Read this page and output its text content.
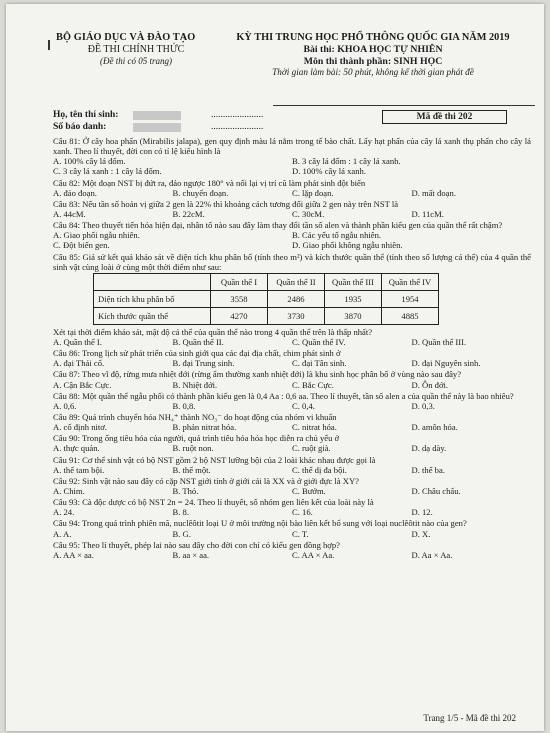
BỘ GIÁO DỤC VÀ ĐÀO TẠO
ĐỀ THI CHÍNH THỨC
(Đề thi có 05 trang)
KỲ THI TRUNG HỌC PHỔ THÔNG QUỐC GIA NĂM 2019
Bài thi: KHOA HỌC TỰ NHIÊN
Môn thi thành phần: SINH HỌC
Thời gian làm bài: 50 phút, không kể thời gian phát đề
Họ, tên thí sinh:	......................
Số báo danh:	......................
Mã đề thi 202
Câu 81: Ở cây hoa phấn (Mirabilis jalapa), gen quy định màu lá nằm trong tế bào chất. Lấy hạt phấn của cây lá xanh thụ phấn cho cây lá xanh. Theo lí thuyết, đời con có tỉ lệ kiểu hình là
A. 100% cây lá đốm.	B. 3 cây lá đốm : 1 cây lá xanh.
C. 3 cây lá xanh : 1 cây lá đốm.	D. 100% cây lá xanh.
Câu 82: Một đoạn NST bị đứt ra, đảo ngược 180° và nối lại vị trí cũ làm phát sinh đột biến
A. đảo đoạn.	B. chuyển đoạn.	C. lặp đoạn.	D. mất đoạn.
Câu 83: Nếu tần số hoán vị giữa 2 gen là 22% thì khoảng cách tương đối giữa 2 gen này trên NST là
A. 44cM.	B. 22cM.	C. 30cM.	D. 11cM.
Câu 84: Theo thuyết tiến hóa hiện đại, nhân tố nào sau đây làm thay đổi tần số alen và thành phần kiểu gen của quần thể rất chậm?
A. Giao phối ngẫu nhiên.	B. Các yếu tố ngẫu nhiên.
C. Đột biến gen.	D. Giao phối không ngẫu nhiên.
Câu 85: Giả sử kết quả khảo sát về diện tích khu phân bố (tính theo m²) và kích thước quần thể (tính theo số lượng cá thể) của 4 quần thể sinh vật cùng loài ở cùng một thời điểm như sau:
	Quần thể I	Quần thể II	Quần thể III	Quần thể IV
Diện tích khu phân bố	3558	2486	1935	1954
Kích thước quần thể	4270	3730	3870	4885
Xét tại thời điểm khảo sát, mật độ cá thể của quần thể nào trong 4 quần thể trên là thấp nhất?
A. Quần thể I.	B. Quần thể II.	C. Quần thể IV.	D. Quần thể III.
Câu 86: Trong lịch sử phát triển của sinh giới qua các đại địa chất, chim phát sinh ở
A. đại Thái cổ.	B. đại Trung sinh.	C. đại Tân sinh.	D. đại Nguyên sinh.
Câu 87: Theo vĩ độ, rừng mưa nhiệt đới (rừng ẩm thường xanh nhiệt đới) là khu sinh học phân bố ở vùng nào sau đây?
A. Cận Bắc Cực.	B. Nhiệt đới.	C. Bắc Cực.	D. Ôn đới.
Câu 88: Một quần thể ngẫu phối có thành phần kiểu gen là 0,4 Aa : 0,6 aa. Theo lí thuyết, tần số alen a của quần thể này là bao nhiêu?
A. 0,6.	B. 0,8.	C. 0,4.	D. 0,3.
Câu 89: Quá trình chuyển hóa NH₄⁺ thành NO₃⁻ do hoạt động của nhóm vi khuẩn
A. cố định nitơ.	B. phản nitrat hóa.	C. nitrat hóa.	D. amôn hóa.
Câu 90: Trong ống tiêu hóa của người, quá trình tiêu hóa hóa học diễn ra chủ yếu ở
A. thực quản.	B. ruột non.	C. ruột già.	D. dạ dày.
Câu 91: Cơ thể sinh vật có bộ NST gồm 2 bộ NST lưỡng bội của 2 loài khác nhau được gọi là
A. thể tam bội.	B. thể một.	C. thể dị đa bội.	D. thể ba.
Câu 92: Sinh vật nào sau đây có cặp NST giới tính ở giới cái là XX và ở giới đực là XY?
A. Chim.	B. Thỏ.	C. Bướm.	D. Châu chấu.
Câu 93: Cà độc dược có bộ NST 2n = 24. Theo lí thuyết, số nhóm gen liên kết của loài này là
A. 24.	B. 8.	C. 16.	D. 12.
Câu 94: Trong quá trình phiên mã, nuclêôtit loại U ở môi trường nội bào liên kết bổ sung với loại nuclêôtit nào của gen?
A. A.	B. G.	C. T.	D. X.
Câu 95: Theo lí thuyết, phép lai nào sau đây cho đời con chỉ có kiểu gen đồng hợp?
A. AA × aa.	B. aa × aa.	C. AA × Aa.	D. Aa × Aa.
Trang 1/5 - Mã đề thi 202
